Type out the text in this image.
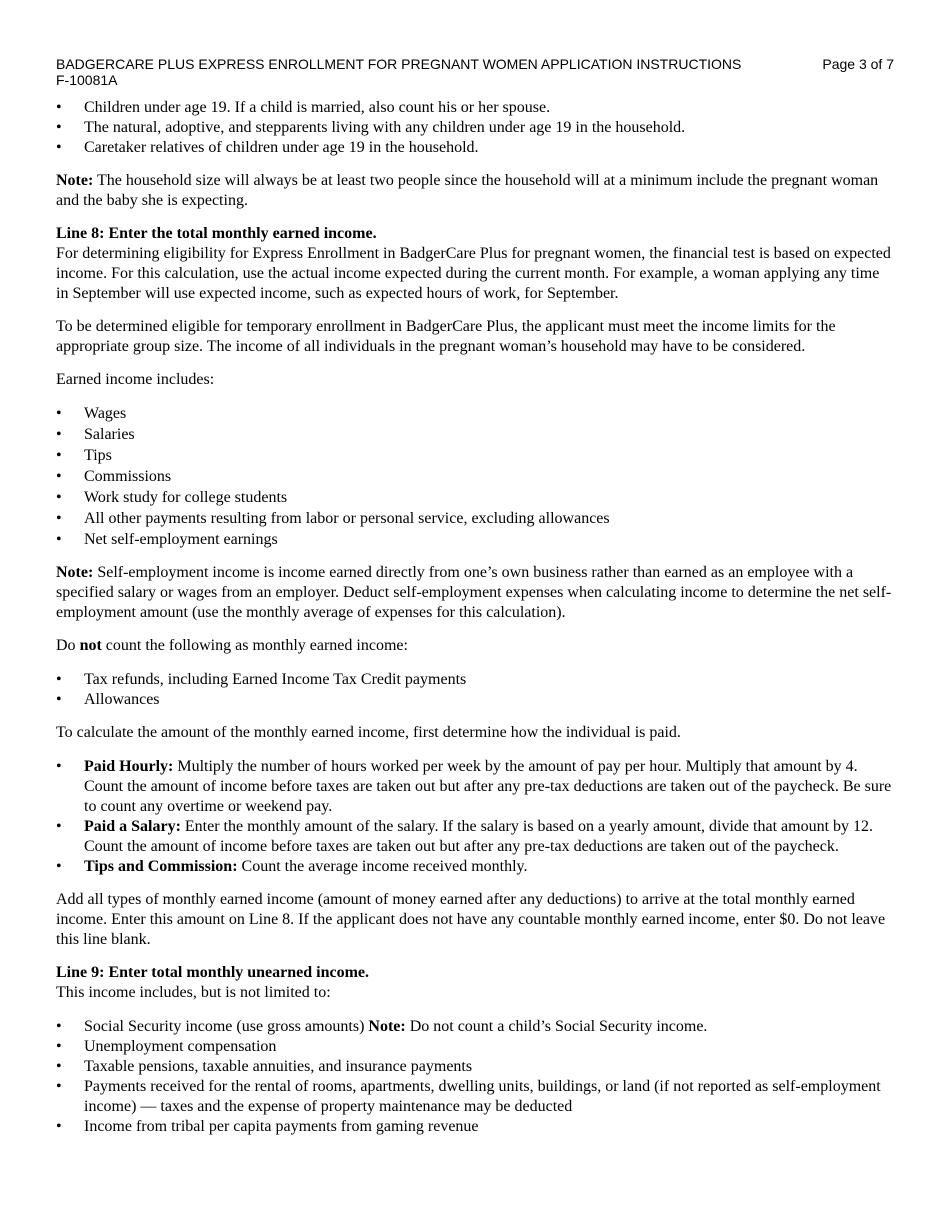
BADGERCARE PLUS EXPRESS ENROLLMENT FOR PREGNANT WOMEN APPLICATION INSTRUCTIONS	Page 3 of 7
F-10081A
• Children under age 19. If a child is married, also count his or her spouse.
• The natural, adoptive, and stepparents living with any children under age 19 in the household.
• Caretaker relatives of children under age 19 in the household.

Note: The household size will always be at least two people since the household will at a minimum include the pregnant woman and the baby she is expecting.

Line 8: Enter the total monthly earned income.

For determining eligibility for Express Enrollment in BadgerCare Plus for pregnant women, the financial test is based on expected income. For this calculation, use the actual income expected during the current month. For example, a woman applying any time in September will use expected income, such as expected hours of work, for September.

To be determined eligible for temporary enrollment in BadgerCare Plus, the applicant must meet the income limits for the appropriate group size. The income of all individuals in the pregnant woman’s household may have to be considered.

Earned income includes:

• Wages
• Salaries
• Tips
• Commissions
• Work study for college students
• All other payments resulting from labor or personal service, excluding allowances
• Net self-employment earnings

Note: Self-employment income is income earned directly from one’s own business rather than earned as an employee with a specified salary or wages from an employer. Deduct self-employment expenses when calculating income to determine the net self-employment amount (use the monthly average of expenses for this calculation).

Do not count the following as monthly earned income:

• Tax refunds, including Earned Income Tax Credit payments
• Allowances

To calculate the amount of the monthly earned income, first determine how the individual is paid.

• Paid Hourly: Multiply the number of hours worked per week by the amount of pay per hour. Multiply that amount by 4. Count the amount of income before taxes are taken out but after any pre-tax deductions are taken out of the paycheck. Be sure to count any overtime or weekend pay.
• Paid a Salary: Enter the monthly amount of the salary. If the salary is based on a yearly amount, divide that amount by 12. Count the amount of income before taxes are taken out but after any pre-tax deductions are taken out of the paycheck.
• Tips and Commission: Count the average income received monthly.

Add all types of monthly earned income (amount of money earned after any deductions) to arrive at the total monthly earned income. Enter this amount on Line 8. If the applicant does not have any countable monthly earned income, enter $0. Do not leave this line blank.

Line 9: Enter total monthly unearned income.

This income includes, but is not limited to:

• Social Security income (use gross amounts) Note: Do not count a child’s Social Security income.
• Unemployment compensation
• Taxable pensions, taxable annuities, and insurance payments
• Payments received for the rental of rooms, apartments, dwelling units, buildings, or land (if not reported as self-employment income) — taxes and the expense of property maintenance may be deducted
• Income from tribal per capita payments from gaming revenue
